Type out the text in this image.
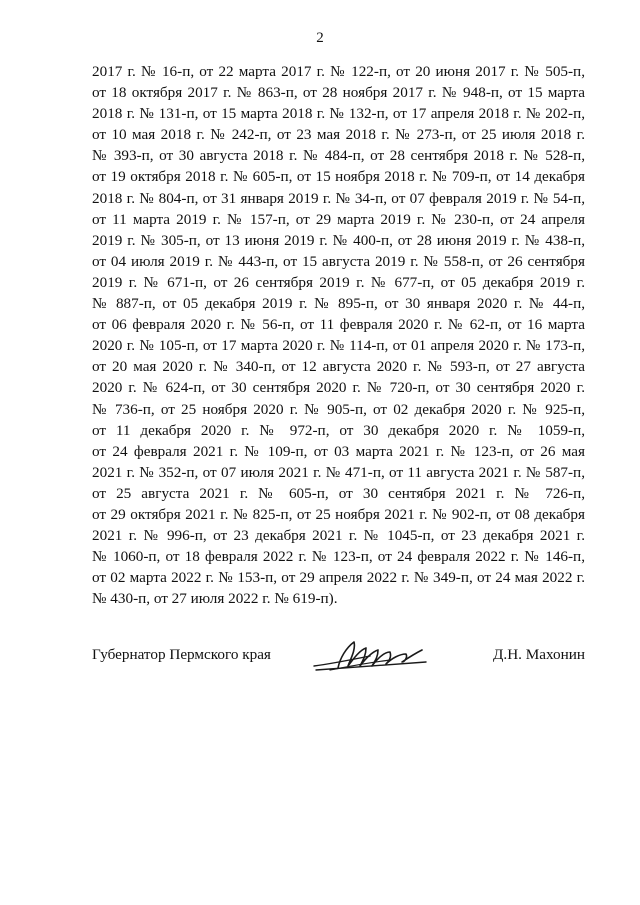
2
2017 г. № 16-п, от 22 марта 2017 г. № 122-п, от 20 июня 2017 г. № 505-п,
от 18 октября 2017 г. № 863-п, от 28 ноября 2017 г. № 948-п, от 15 марта
2018 г. № 131-п, от 15 марта 2018 г. № 132-п, от 17 апреля 2018 г. № 202-п,
от 10 мая 2018 г. № 242-п, от 23 мая 2018 г. № 273-п, от 25 июля 2018 г.
№ 393-п, от 30 августа 2018 г. № 484-п, от 28 сентября 2018 г. № 528-п,
от 19 октября 2018 г. № 605-п, от 15 ноября 2018 г. № 709-п, от 14 декабря
2018 г. № 804-п, от 31 января 2019 г. № 34-п, от 07 февраля 2019 г. № 54-п,
от 11 марта 2019 г. № 157-п, от 29 марта 2019 г. № 230-п, от 24 апреля
2019 г. № 305-п, от 13 июня 2019 г. № 400-п, от 28 июня 2019 г. № 438-п,
от 04 июля 2019 г. № 443-п, от 15 августа 2019 г. № 558-п, от 26 сентября
2019 г. № 671-п, от 26 сентября 2019 г. № 677-п, от 05 декабря 2019 г.
№ 887-п, от 05 декабря 2019 г. № 895-п, от 30 января 2020 г. № 44-п,
от 06 февраля 2020 г. № 56-п, от 11 февраля 2020 г. № 62-п, от 16 марта
2020 г. № 105-п, от 17 марта 2020 г. № 114-п, от 01 апреля 2020 г. № 173-п,
от 20 мая 2020 г. № 340-п, от 12 августа 2020 г. № 593-п, от 27 августа
2020 г. № 624-п, от 30 сентября 2020 г. № 720-п, от 30 сентября 2020 г.
№ 736-п, от 25 ноября 2020 г. № 905-п, от 02 декабря 2020 г. № 925-п,
от 11 декабря 2020 г. № 972-п, от 30 декабря 2020 г. № 1059-п,
от 24 февраля 2021 г. № 109-п, от 03 марта 2021 г. № 123-п, от 26 мая
2021 г. № 352-п, от 07 июля 2021 г. № 471-п, от 11 августа 2021 г. № 587-п,
от 25 августа 2021 г. № 605-п, от 30 сентября 2021 г. № 726-п,
от 29 октября 2021 г. № 825-п, от 25 ноября 2021 г. № 902-п, от 08 декабря
2021 г. № 996-п, от 23 декабря 2021 г. № 1045-п, от 23 декабря 2021 г.
№ 1060-п, от 18 февраля 2022 г. № 123-п, от 24 февраля 2022 г. № 146-п,
от 02 марта 2022 г. № 153-п, от 29 апреля 2022 г. № 349-п, от 24 мая 2022 г.
№ 430-п, от 27 июля 2022 г. № 619-п).
Губернатор Пермского края	Д.Н. Махонин
